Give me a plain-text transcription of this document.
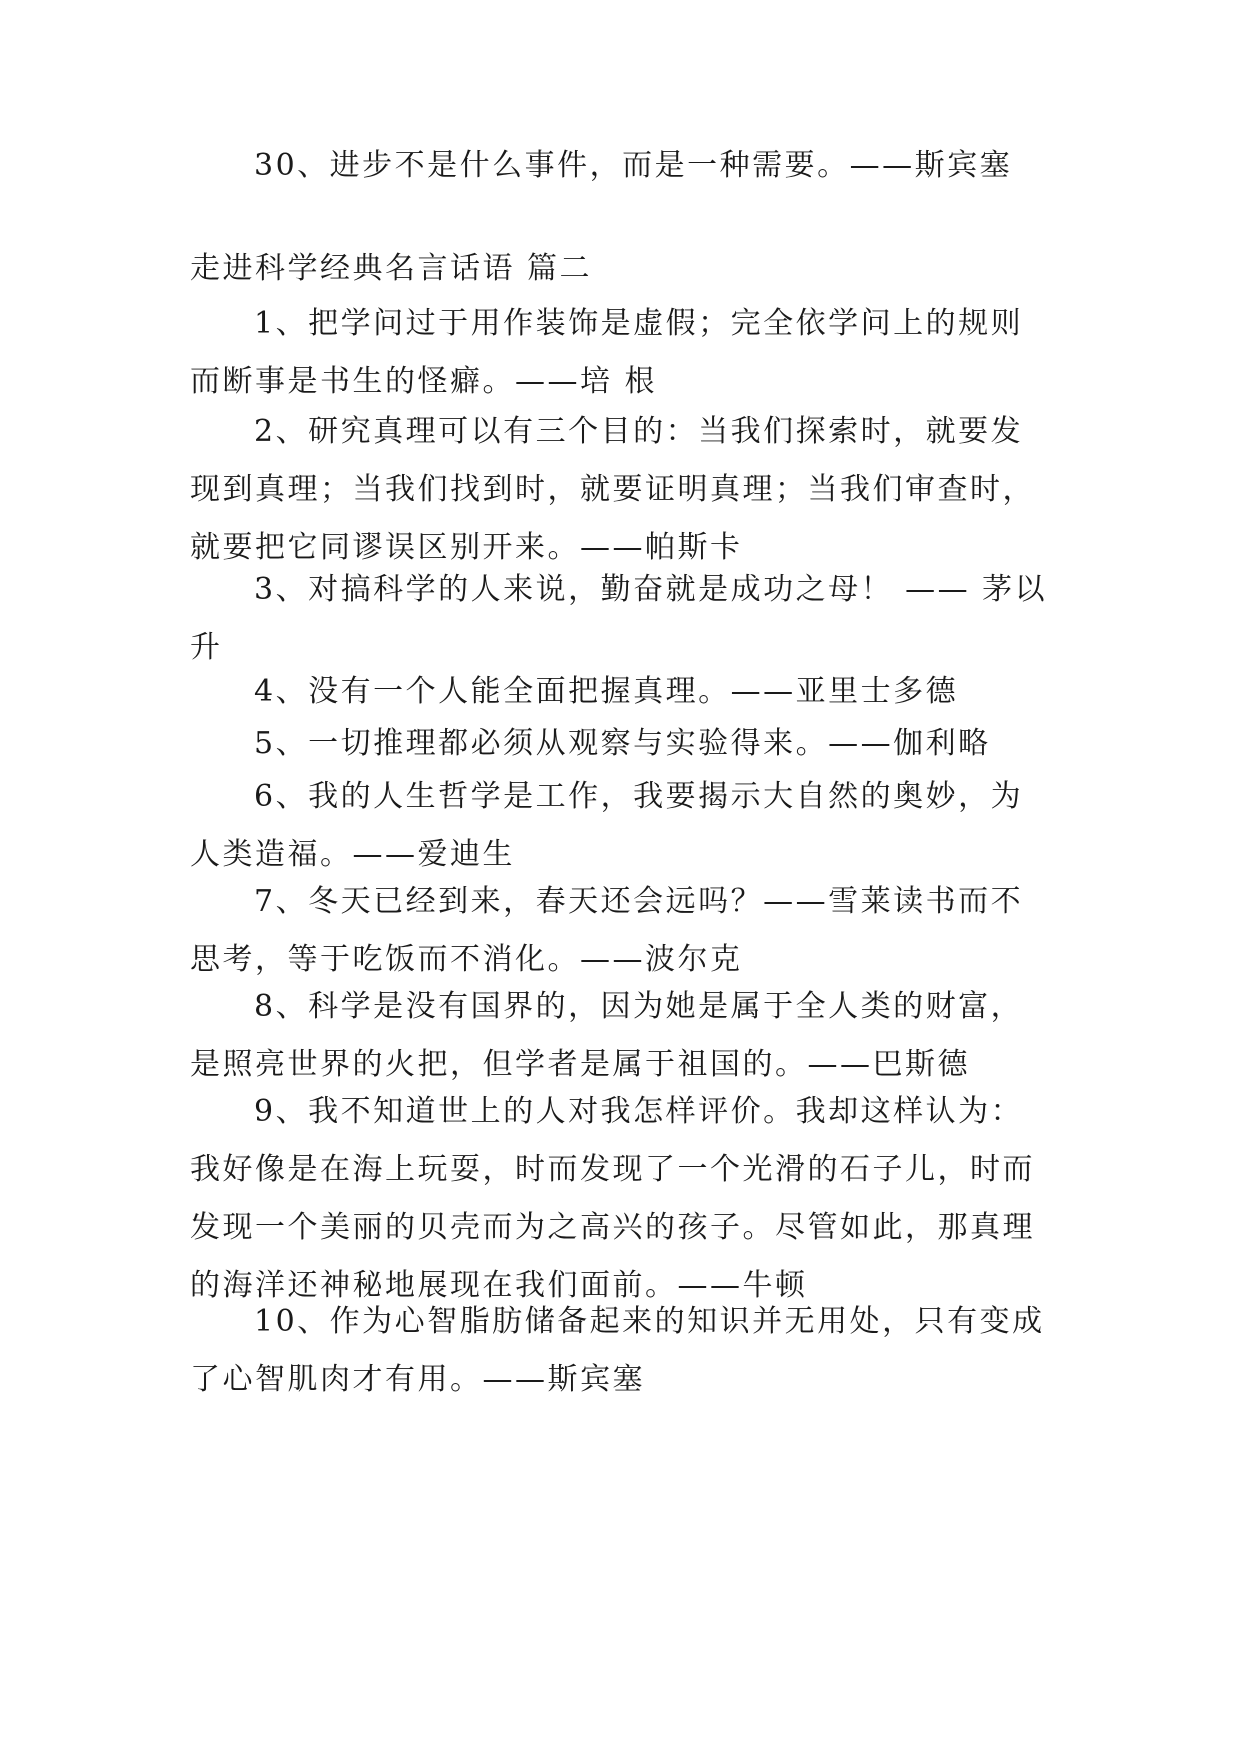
30、进步不是什么事件，而是一种需要。——斯宾塞

走进科学经典名言话语 篇二

1、把学问过于用作装饰是虚假；完全依学问上的规则而断事是书生的怪癖。——培 根

2、研究真理可以有三个目的：当我们探索时，就要发现到真理；当我们找到时，就要证明真理；当我们审查时，就要把它同谬误区别开来。——帕斯卡

3、对搞科学的人来说，勤奋就是成功之母！ —— 茅以升

4、没有一个人能全面把握真理。——亚里士多德

5、一切推理都必须从观察与实验得来。——伽利略

6、我的人生哲学是工作，我要揭示大自然的奥妙，为人类造福。——爱迪生

7、冬天已经到来，春天还会远吗？——雪莱读书而不思考，等于吃饭而不消化。——波尔克

8、科学是没有国界的，因为她是属于全人类的财富，是照亮世界的火把，但学者是属于祖国的。——巴斯德

9、我不知道世上的人对我怎样评价。我却这样认为：我好像是在海上玩耍，时而发现了一个光滑的石子儿，时而发现一个美丽的贝壳而为之高兴的孩子。尽管如此，那真理的海洋还神秘地展现在我们面前。——牛顿

10、作为心智脂肪储备起来的知识并无用处，只有变成了心智肌肉才有用。——斯宾塞
